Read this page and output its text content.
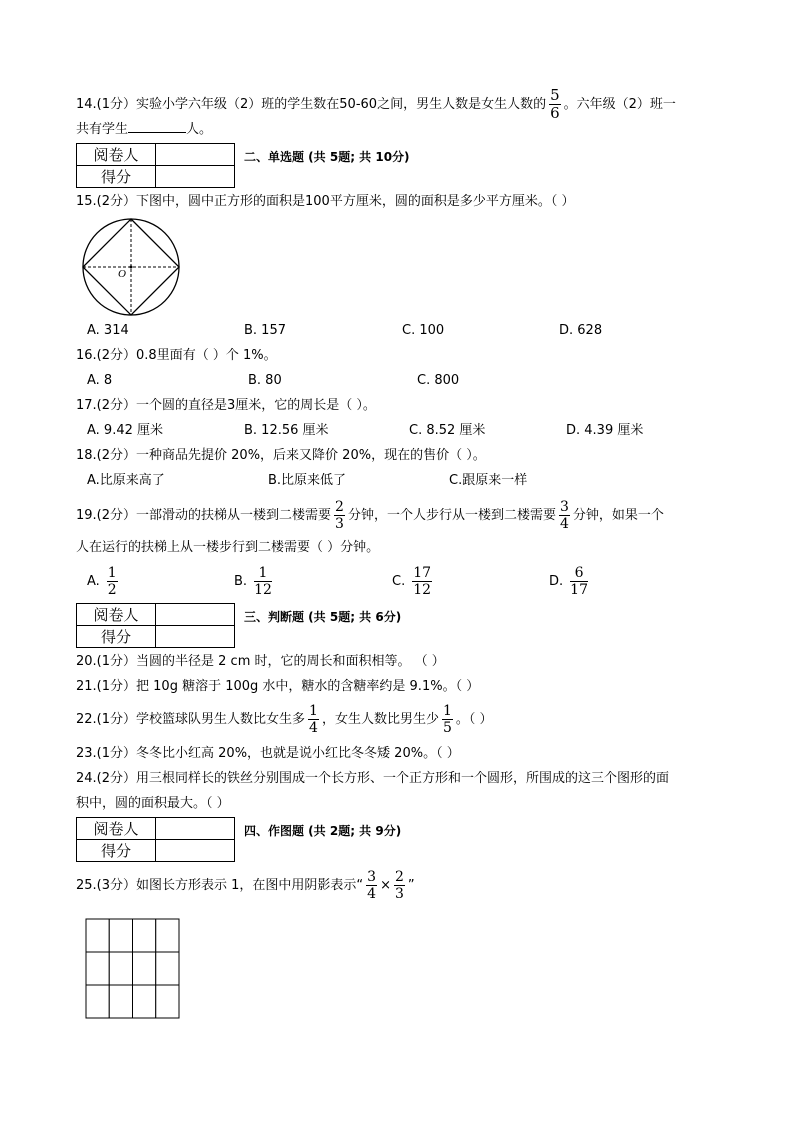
14.(1分）实验小学六年级（2）班的学生数在50-60之间，男生人数是女生人数的 $\frac{5}{6}$ 。六年级（2）班一
共有学生	人。
阅卷人	
得分	
二、单选题 (共 5题; 共 10分)
15.(2分）下图中，圆中正方形的面积是100平方厘米，圆的面积是多少平方厘米。（ ）
O
A. 314	B. 157	C. 100	D. 628
16.(2分）0.8里面有（ ）个 1%。
A. 8	B. 80	C. 800
17.(2分）一个圆的直径是3厘米，它的周长是（ ）。
A. 9.42 厘米	B. 12.56 厘米	C. 8.52 厘米	D. 4.39 厘米
18.(2分）一种商品先提价 20%，后来又降价 20%，现在的售价（ ）。
A.比原来高了	B.比原来低了	C.跟原来一样
19.(2分）一部滑动的扶梯从一楼到二楼需要 $\frac{2}{3}$ 分钟，一个人步行从一楼到二楼需要 $\frac{3}{4}$ 分钟，如果一个
人在运行的扶梯上从一楼步行到二楼需要（ ）分钟。
A. $\frac{1}{2}$	B. $\frac{1}{12}$	C. $\frac{17}{12}$	D. $\frac{6}{17}$
阅卷人	
得分	
三、判断题 (共 5题; 共 6分)
20.(1分）当圆的半径是 2 cm 时，它的周长和面积相等。 （ ）
21.(1分）把 10g 糖溶于 100g 水中，糖水的含糖率约是 9.1%。（ ）
22.(1分）学校篮球队男生人数比女生多 $\frac{1}{4}$ ，女生人数比男生少 $\frac{1}{5}$ 。（ ）
23.(1分）冬冬比小红高 20%，也就是说小红比冬冬矮 20%。（ ）
24.(2分）用三根同样长的铁丝分别围成一个长方形、一个正方形和一个圆形，所围成的这三个图形的面
积中，圆的面积最大。（ ）
阅卷人	
得分	
四、作图题 (共 2题; 共 9分)
25.(3分）如图长方形表示 1，在图中用阴影表示“ $\frac{3}{4} \times \frac{2}{3}$ ”
